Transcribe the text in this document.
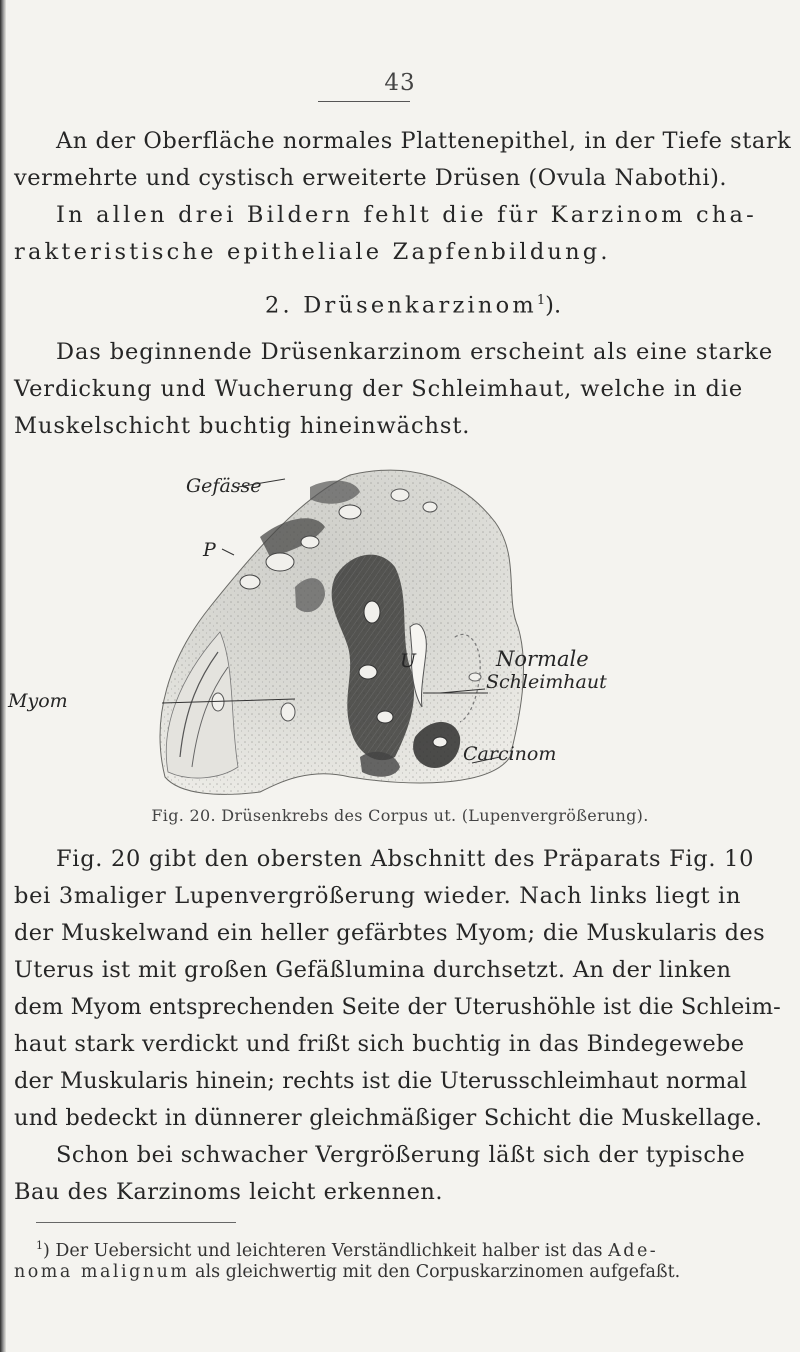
43
An der Oberfläche normales Plattenepithel, in der Tiefe stark
vermehrte und cystisch erweiterte Drüsen (Ovula Nabothi).
In allen drei Bildern fehlt die für Karzinom cha-
rakteristische epitheliale Zapfenbildung.
2. Drüsenkarzinom$^1$).
Das beginnende Drüsenkarzinom erscheint als eine starke
Verdickung und Wucherung der Schleimhaut, welche in die
Muskelschicht buchtig hineinwächst.
Gefässe
P
U	Normale
Schleimhaut
Carcinom
Myom
Fig. 20. Drüsenkrebs des Corpus ut. (Lupenvergrößerung).
Fig. 20 gibt den obersten Abschnitt des Präparats Fig. 10
bei 3maliger Lupenvergrößerung wieder. Nach links liegt in
der Muskelwand ein heller gefärbtes Myom; die Muskularis des
Uterus ist mit großen Gefäßlumina durchsetzt. An der linken
dem Myom entsprechenden Seite der Uterushöhle ist die Schleim-
haut stark verdickt und frißt sich buchtig in das Bindegewebe
der Muskularis hinein; rechts ist die Uterusschleimhaut normal
und bedeckt in dünnerer gleichmäßiger Schicht die Muskellage.
Schon bei schwacher Vergrößerung läßt sich der typische
Bau des Karzinoms leicht erkennen.
$^1$) Der Uebersicht und leichteren Verständlichkeit halber ist das Ade-
noma malignum als gleichwertig mit den Corpuskarzinomen aufgefaßt.
